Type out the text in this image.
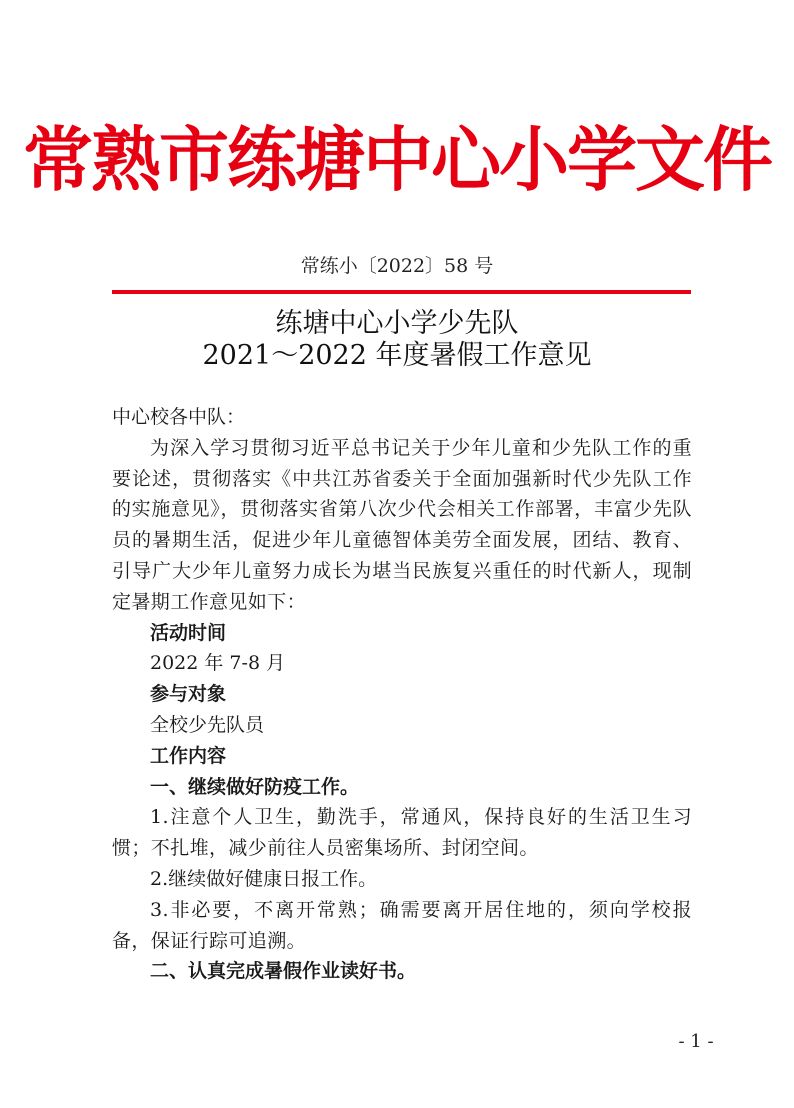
常熟市练塘中心小学文件
常练小〔2022〕58 号
练塘中心小学少先队
2021～2022 年度暑假工作意见
中心校各中队：

为深入学习贯彻习近平总书记关于少年儿童和少先队工作的重要论述，贯彻落实《中共江苏省委关于全面加强新时代少先队工作的实施意见》，贯彻落实省第八次少代会相关工作部署，丰富少先队员的暑期生活，促进少年儿童德智体美劳全面发展，团结、教育、引导广大少年儿童努力成长为堪当民族复兴重任的时代新人，现制定暑期工作意见如下：

活动时间
2022 年 7-8 月
参与对象
全校少先队员
工作内容
一、继续做好防疫工作。

1.注意个人卫生，勤洗手，常通风，保持良好的生活卫生习惯；不扎堆，减少前往人员密集场所、封闭空间。

2.继续做好健康日报工作。

3.非必要，不离开常熟；确需要离开居住地的，须向学校报备，保证行踪可追溯。

二、认真完成暑假作业读好书。
- 1 -
